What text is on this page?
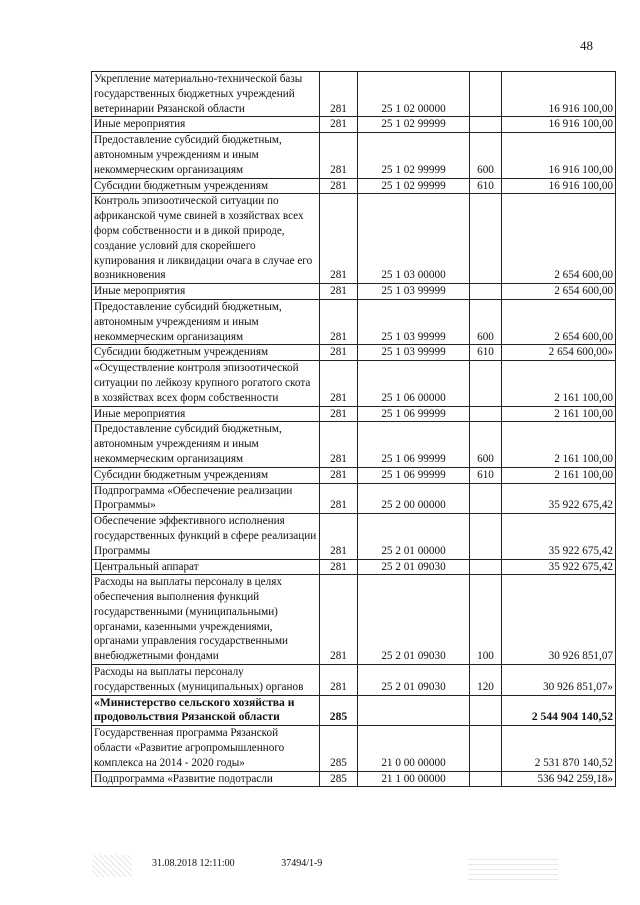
48
Укрепление материально-технической базы государственных бюджетных учреждений ветеринарии Рязанской области	281	25 1 02 00000		16 916 100,00
Иные мероприятия	281	25 1 02 99999		16 916 100,00
Предоставление субсидий бюджетным, автономным учреждениям и иным некоммерческим организациям	281	25 1 02 99999	600	16 916 100,00
Субсидии бюджетным учреждениям	281	25 1 02 99999	610	16 916 100,00
Контроль эпизоотической ситуации по африканской чуме свиней в хозяйствах всех форм собственности и в дикой природе, создание условий для скорейшего купирования и ликвидации очага в случае его возникновения	281	25 1 03 00000		2 654 600,00
Иные мероприятия	281	25 1 03 99999		2 654 600,00
Предоставление субсидий бюджетным, автономным учреждениям и иным некоммерческим организациям	281	25 1 03 99999	600	2 654 600,00
Субсидии бюджетным учреждениям	281	25 1 03 99999	610	2 654 600,00»
«Осуществление контроля эпизоотической ситуации по лейкозу крупного рогатого скота в хозяйствах всех форм собственности	281	25 1 06 00000		2 161 100,00
Иные мероприятия	281	25 1 06 99999		2 161 100,00
Предоставление субсидий бюджетным, автономным учреждениям и иным некоммерческим организациям	281	25 1 06 99999	600	2 161 100,00
Субсидии бюджетным учреждениям	281	25 1 06 99999	610	2 161 100,00
Подпрограмма «Обеспечение реализации Программы»	281	25 2 00 00000		35 922 675,42
Обеспечение эффективного исполнения государственных функций в сфере реализации Программы	281	25 2 01 00000		35 922 675,42
Центральный аппарат	281	25 2 01 09030		35 922 675,42
Расходы на выплаты персоналу в целях обеспечения выполнения функций государственными (муниципальными) органами, казенными учреждениями, органами управления государственными внебюджетными фондами	281	25 2 01 09030	100	30 926 851,07
Расходы на выплаты персоналу государственных (муниципальных) органов	281	25 2 01 09030	120	30 926 851,07»
«Министерство сельского хозяйства и продовольствия Рязанской области	285			2 544 904 140,52
Государственная программа Рязанской области «Развитие агропромышленного комплекса на 2014 - 2020 годы»	285	21 0 00 00000		2 531 870 140,52
Подпрограмма «Развитие подотрасли	285	21 1 00 00000		536 942 259,18»
31.08.2018 12:11:00	37494/1-9
